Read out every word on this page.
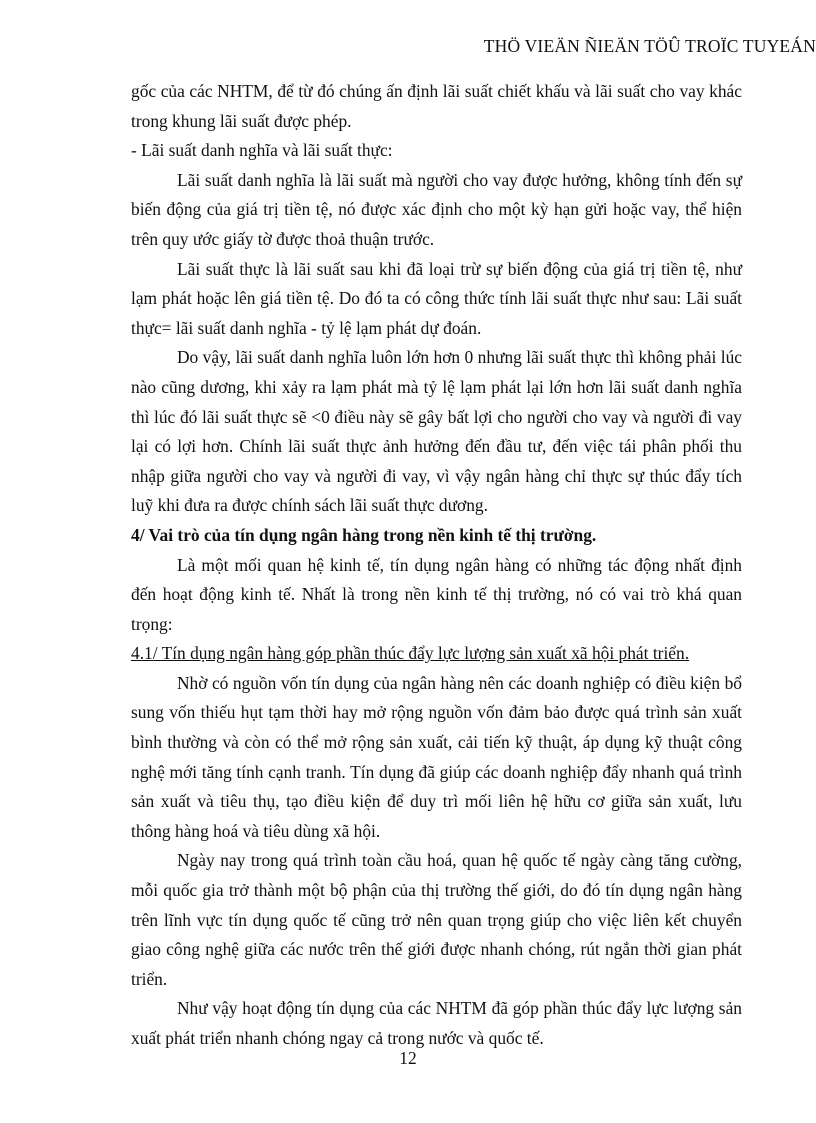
THÖ VIEÄN ÑIEÄN TÖÛ TROÏC TUYEÁN

gốc của các NHTM, để từ đó chúng ấn định lãi suất chiết khấu và lãi suất cho vay khác trong khung lãi suất được phép.

- Lãi suất danh nghĩa và lãi suất thực:

Lãi suất danh nghĩa là lãi suất mà người cho vay được hưởng, không tính đến sự biến động của giá trị tiền tệ, nó được xác định cho một kỳ hạn gửi hoặc vay, thể hiện trên quy ước giấy tờ được thoả thuận trước.

Lãi suất thực là lãi suất sau khi đã loại trừ sự biến động của giá trị tiền tệ, như lạm phát hoặc lên giá tiền tệ. Do đó ta có công thức tính lãi suất thực như sau: Lãi suất thực= lãi suất danh nghĩa - tỷ lệ lạm phát dự đoán.

Do vậy, lãi suất danh nghĩa luôn lớn hơn 0 nhưng lãi suất thực thì không phải lúc nào cũng dương, khi xảy ra lạm phát mà tỷ lệ lạm phát lại lớn hơn lãi suất danh nghĩa thì lúc đó lãi suất thực sẽ <0 điều này sẽ gây bất lợi cho người cho vay và người đi vay lại có lợi hơn. Chính lãi suất thực ảnh hưởng đến đầu tư, đến việc tái phân phối thu nhập giữa người cho vay và người đi vay, vì vậy ngân hàng chỉ thực sự thúc đẩy tích luỹ khi đưa ra được chính sách lãi suất thực dương.

4/ Vai trò của tín dụng ngân hàng trong nền kinh tế thị trường.

Là một mối quan hệ kinh tế, tín dụng ngân hàng có những tác động nhất định đến hoạt động kinh tế. Nhất là trong nền kinh tế thị trường, nó có vai trò khá quan trọng:

4.1/ Tín dụng ngân hàng góp phần thúc đẩy lực lượng sản xuất xã hội phát triển.

Nhờ có nguồn vốn tín dụng của ngân hàng nên các doanh nghiệp có điều kiện bổ sung vốn thiếu hụt tạm thời hay mở rộng nguồn vốn đảm bảo được quá trình sản xuất bình thường và còn có thể mở rộng sản xuất, cải tiến kỹ thuật, áp dụng kỹ thuật công nghệ mới tăng tính cạnh tranh. Tín dụng đã giúp các doanh nghiệp đẩy nhanh quá trình sản xuất và tiêu thụ, tạo điều kiện để duy trì mối liên hệ hữu cơ giữa sản xuất, lưu thông hàng hoá và tiêu dùng xã hội.

Ngày nay trong quá trình toàn cầu hoá, quan hệ quốc tế ngày càng tăng cường, mỗi quốc gia trở thành một bộ phận của thị trường thế giới, do đó tín dụng ngân hàng trên lĩnh vực tín dụng quốc tế cũng trở nên quan trọng giúp cho việc liên kết chuyển giao công nghệ giữa các nước trên thế giới được nhanh chóng, rút ngắn thời gian phát triển.

Như vậy hoạt động tín dụng của các NHTM đã góp phần thúc đẩy lực lượng sản xuất phát triển nhanh chóng ngay cả trong nước và quốc tế.

12
